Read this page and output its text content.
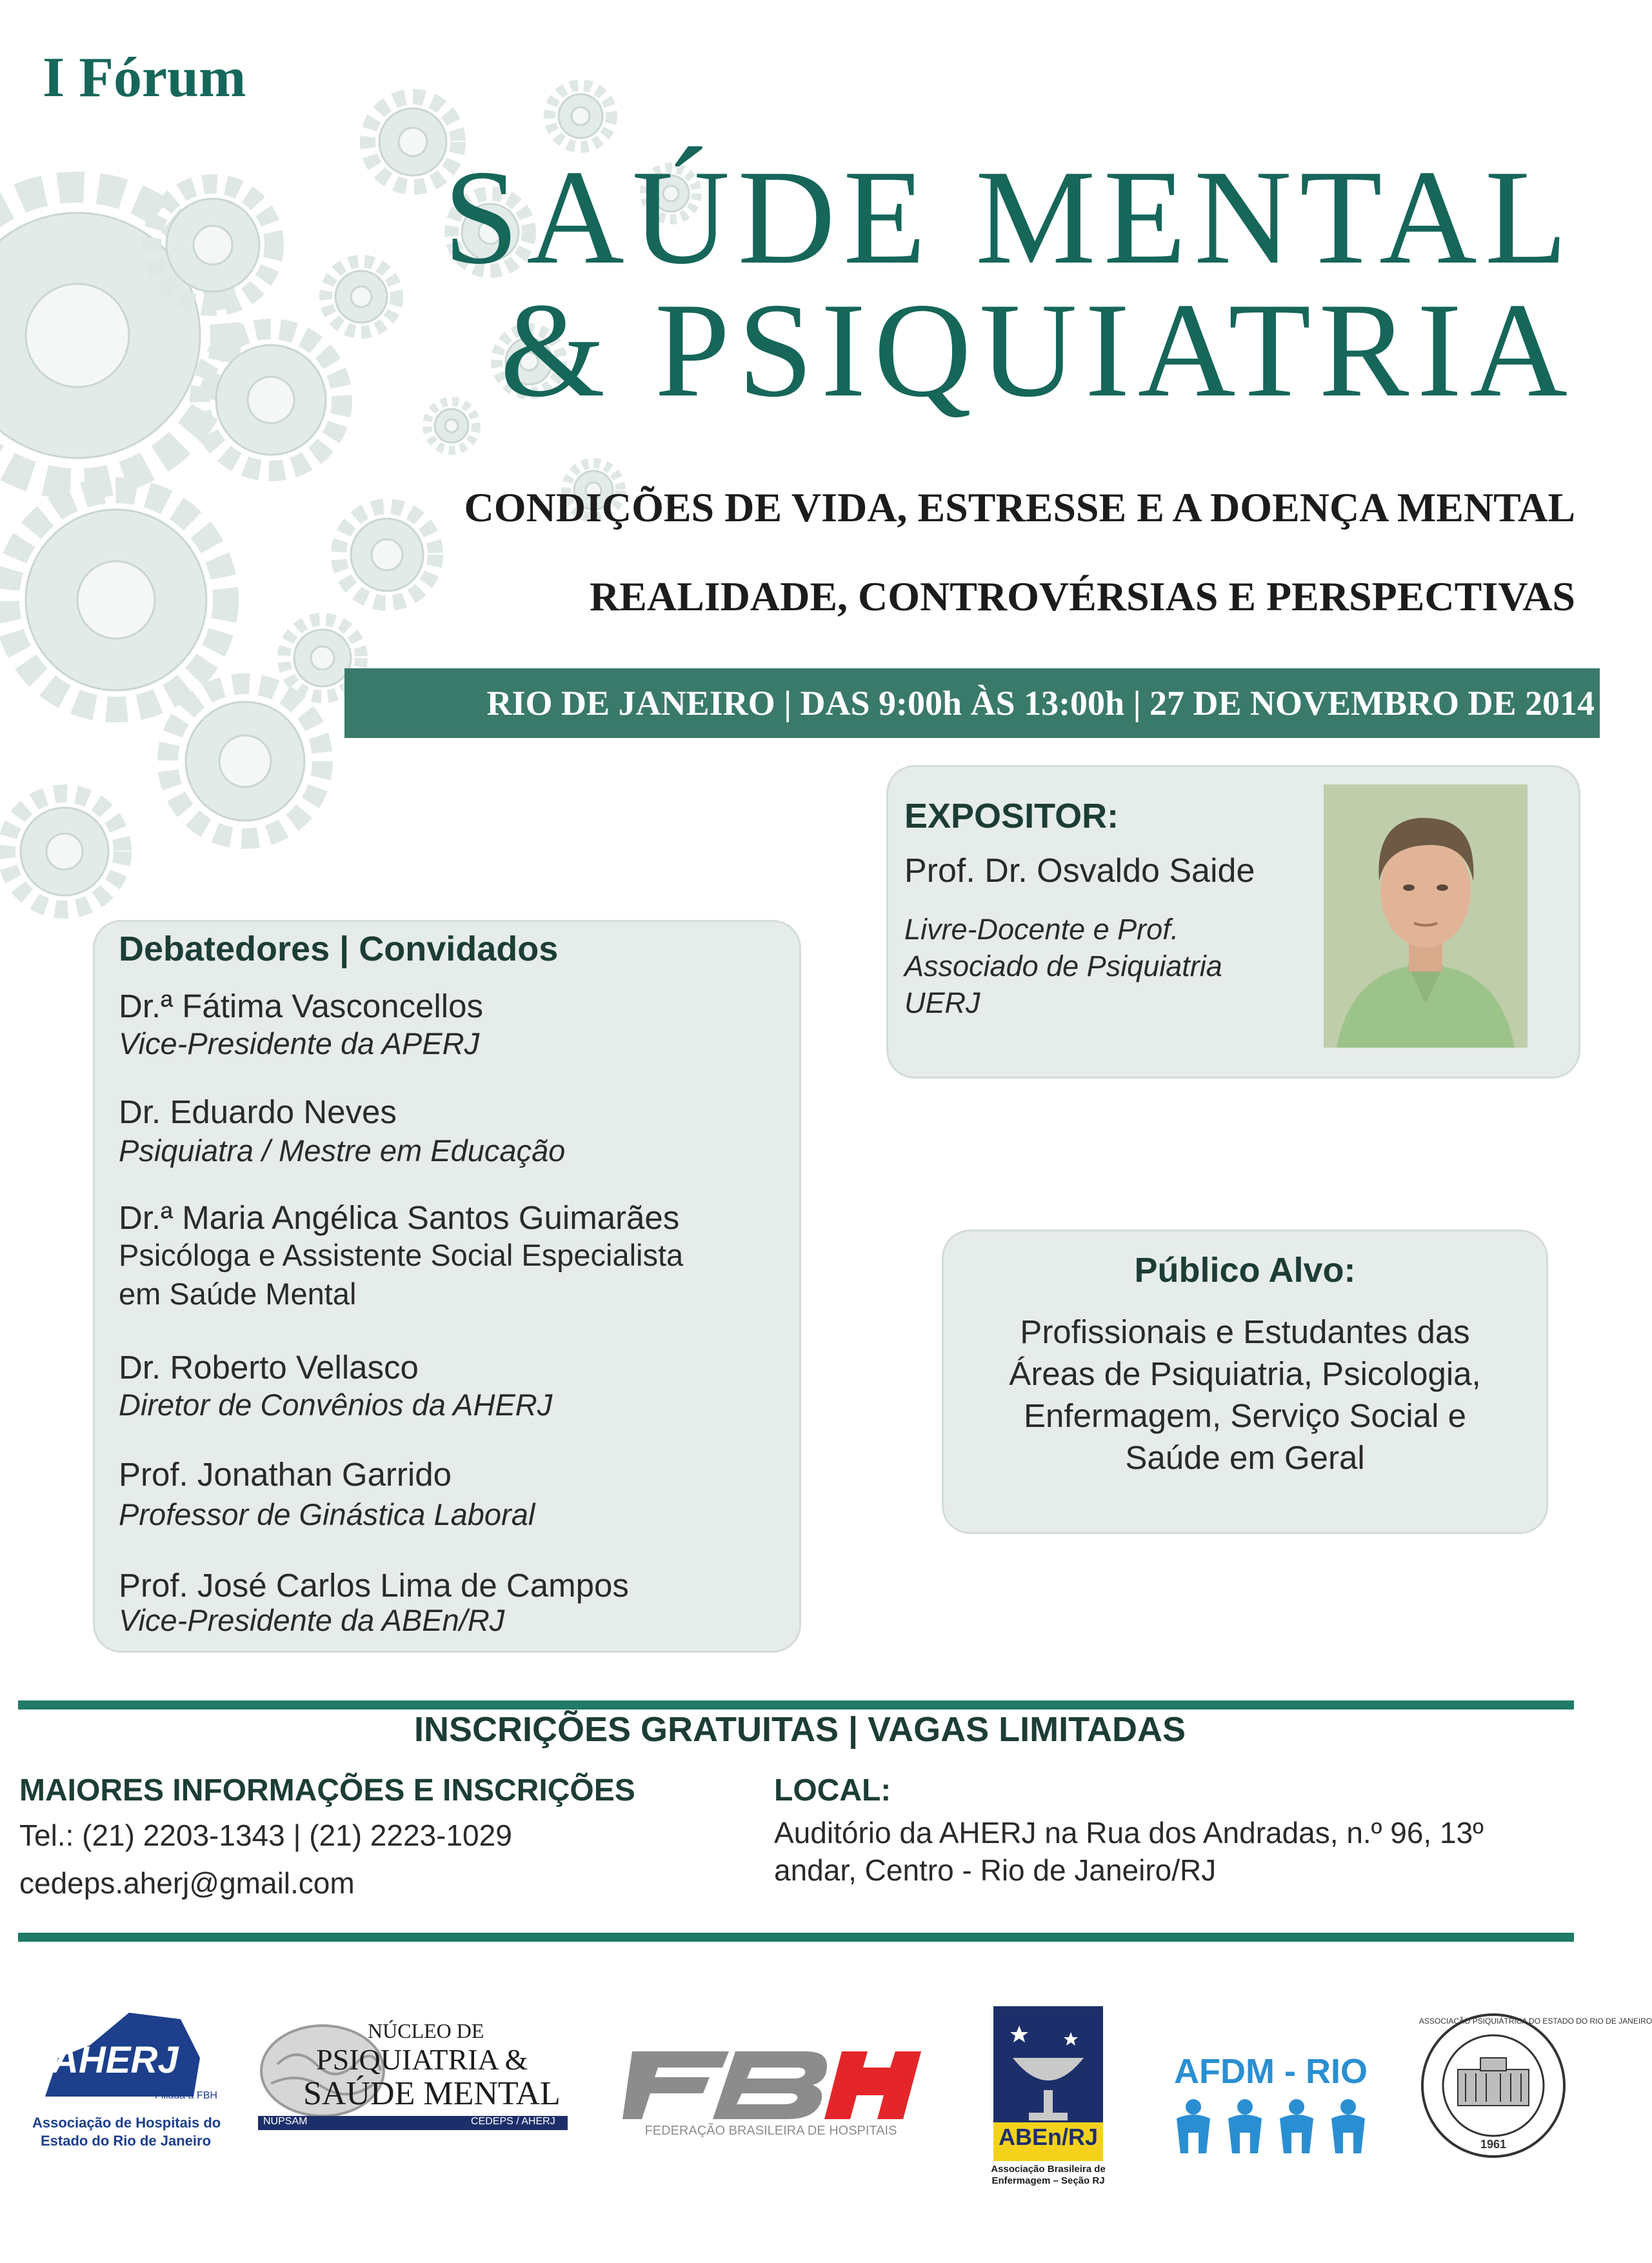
I Fórum
SAÚDE MENTAL
& PSIQUIATRIA
CONDIÇÕES DE VIDA, ESTRESSE E A DOENÇA MENTAL
REALIDADE, CONTROVÉRSIAS E PERSPECTIVAS
RIO DE JANEIRO | DAS 9:00h ÀS 13:00h | 27 DE NOVEMBRO DE 2014
EXPOSITOR:
Prof. Dr. Osvaldo Saide
Livre-Docente e Prof.
Associado de Psiquiatria
UERJ
Debatedores | Convidados
Dr.ª Fátima Vasconcellos
Vice-Presidente da APERJ
Dr. Eduardo Neves
Psiquiatra / Mestre em Educação
Dr.ª Maria Angélica Santos Guimarães
Psicóloga e Assistente Social Especialista
em Saúde Mental
Dr. Roberto Vellasco
Diretor de Convênios da AHERJ
Prof. Jonathan Garrido
Professor de Ginástica Laboral
Prof. José Carlos Lima de Campos
Vice-Presidente da ABEn/RJ
Público Alvo:
Profissionais e Estudantes das
Áreas de Psiquiatria, Psicologia,
Enfermagem, Serviço Social e
Saúde em Geral
INSCRIÇÕES GRATUITAS | VAGAS LIMITADAS
MAIORES INFORMAÇÕES E INSCRIÇÕES
Tel.: (21) 2203-1343 | (21) 2223-1029
cedeps.aherj@gmail.com
LOCAL:
Auditório da AHERJ na Rua dos Andradas, n.º 96, 13º
andar, Centro - Rio de Janeiro/RJ
AHERJ
Filiada à FBH
Associação de Hospitais do
Estado do Rio de Janeiro
NÚCLEO DE
PSIQUIATRIA &
SAÚDE MENTAL
NUPSAM	CEDEPS / AHERJ
FEDERAÇÃO BRASILEIRA DE HOSPITAIS	ABEn/RJ
Associação Brasileira de
Enfermagem – Seção RJ
AFDM - RIO
ASSOCIAÇÃO PSIQUIÁTRICA DO ESTADO DO RIO DE JANEIRO
1961
